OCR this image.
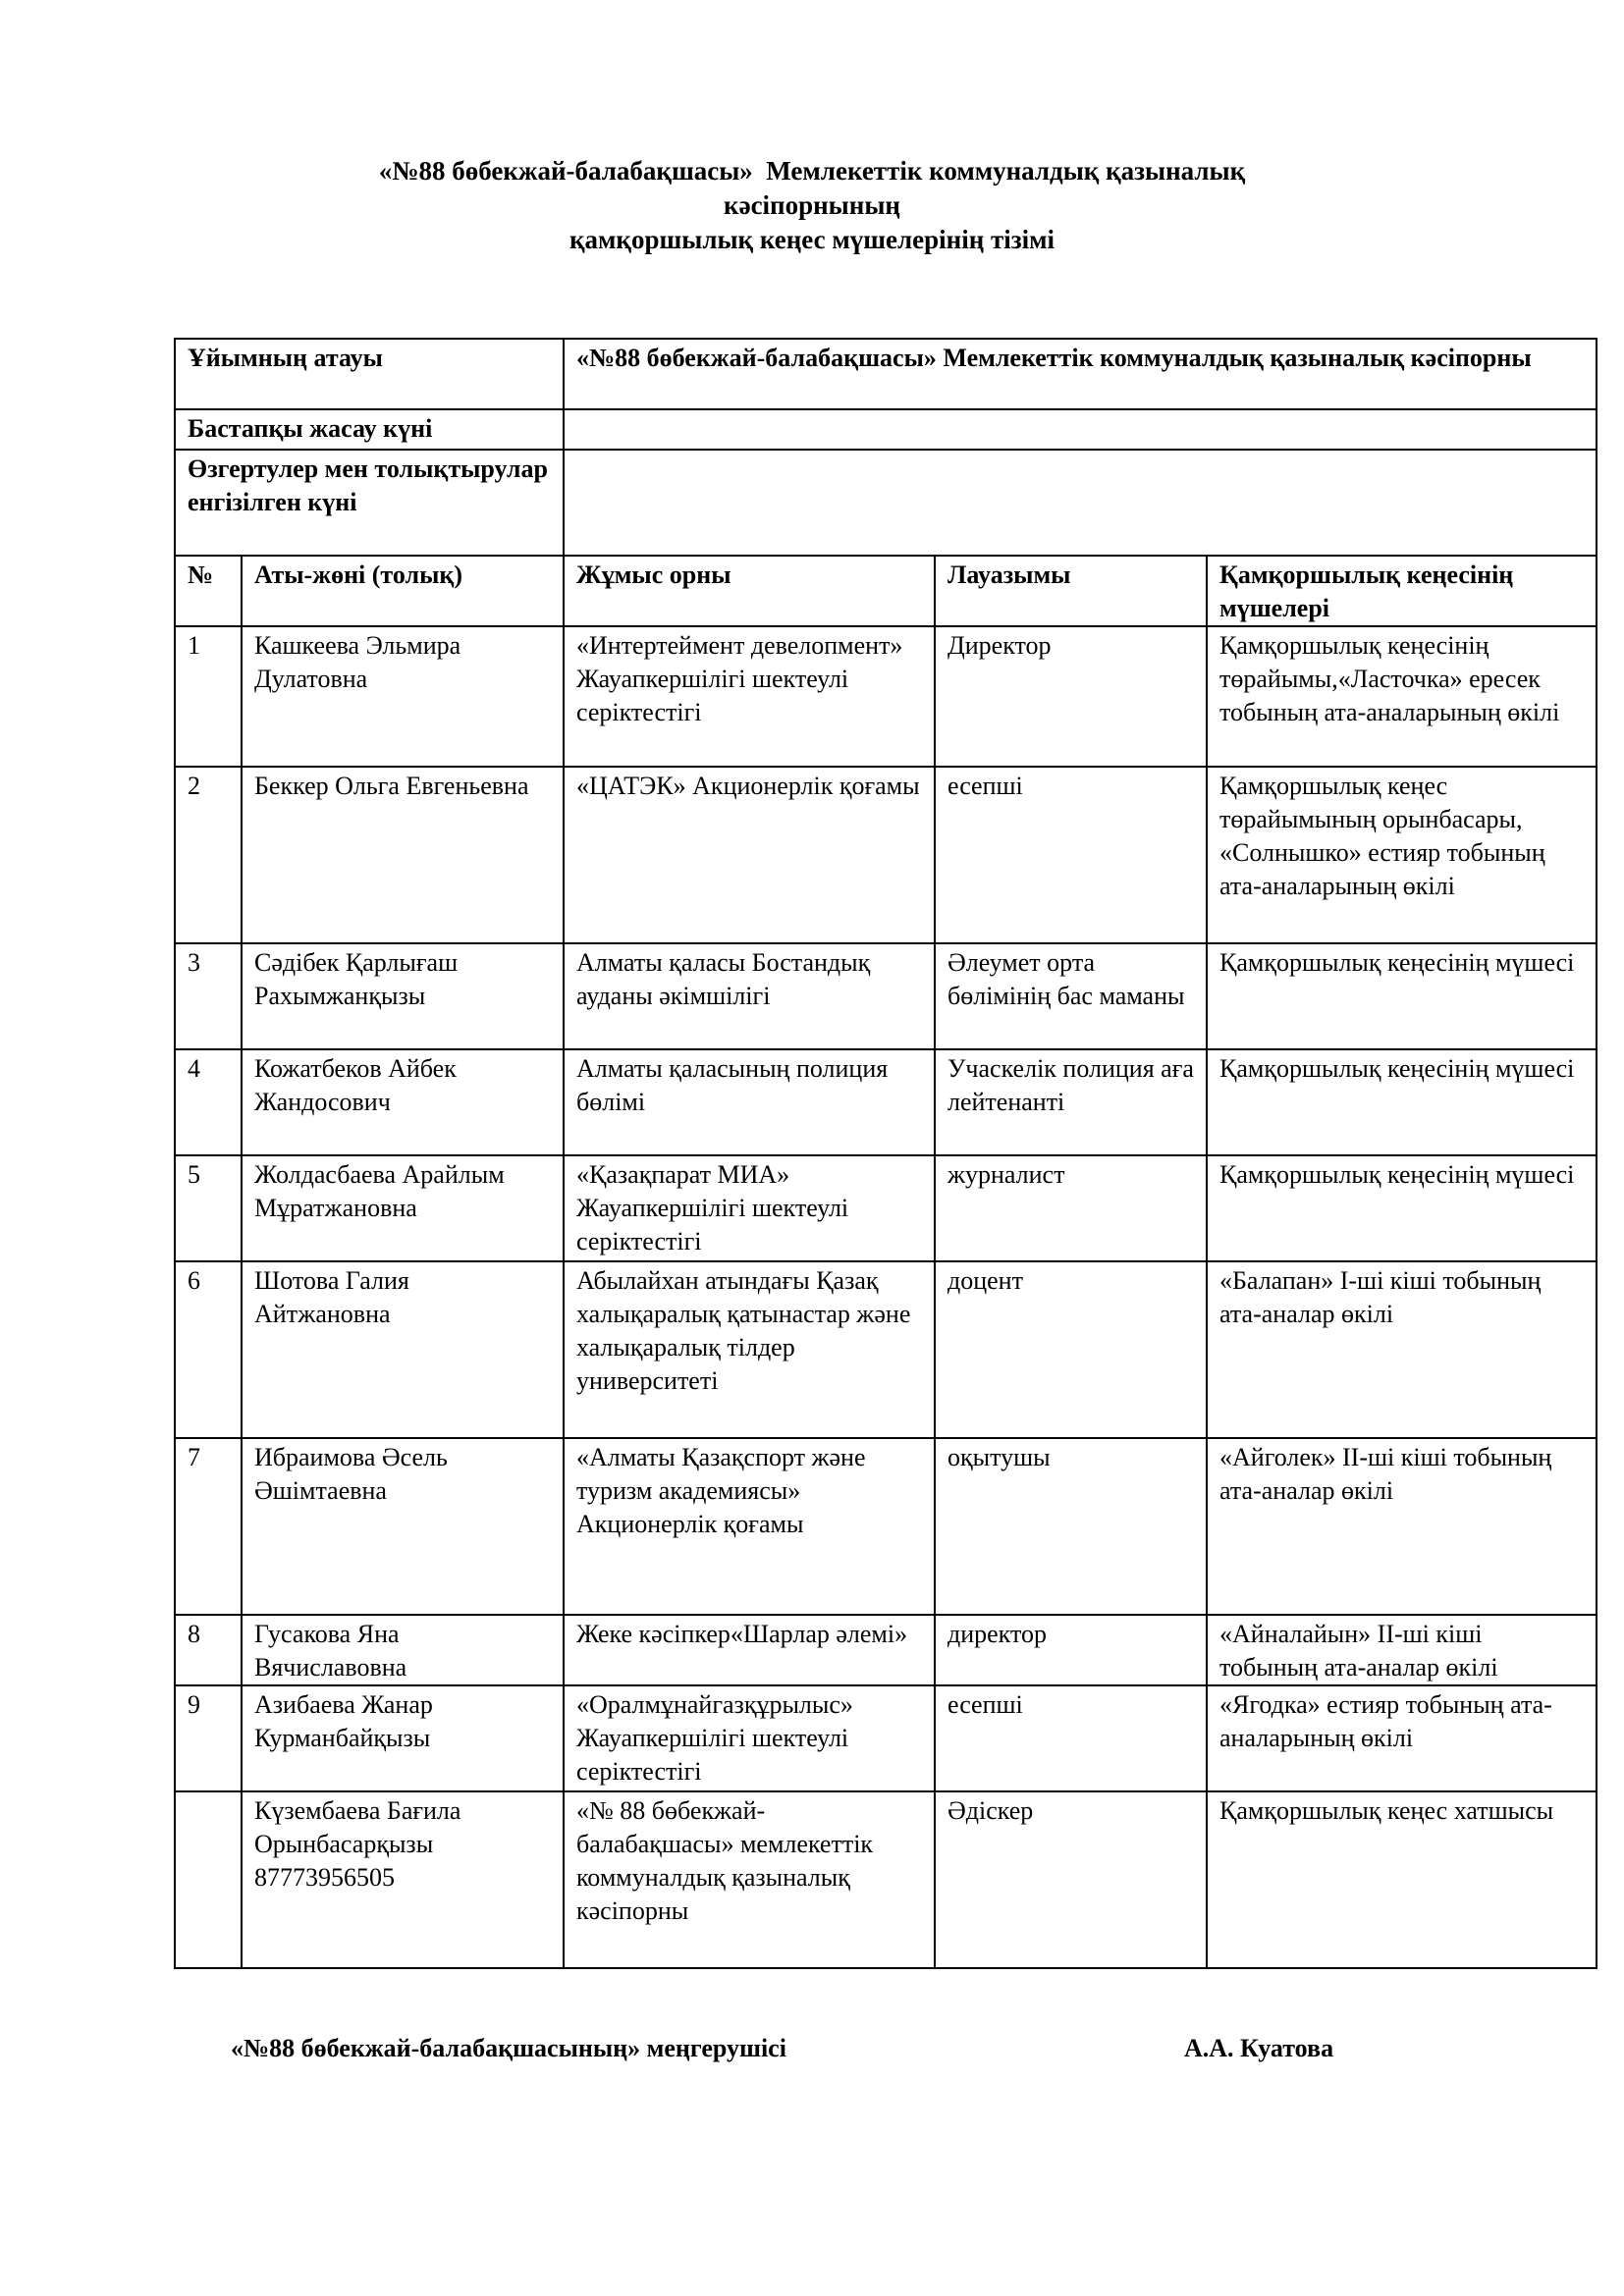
«№88 бөбекжай-балабақшасы»  Мемлекеттік коммуналдық қазыналық
кәсіпорнының
қамқоршылық кеңес мүшелерінің тізімі
Ұйымның атауы		«№88 бөбекжай-балабақшасы» Мемлекеттік коммуналдық қазыналық кәсіпорны		
Бастапқы жасау күні				
Өзгертулер мен толықтырулар енгізілген күні				
№	Аты-жөні (толық)	Жұмыс орны	Лауазымы	Қамқоршылық кеңесінің мүшелері
1	Кашкеева Эльмира Дулатовна	«Интертеймент девелопмент» Жауапкершілігі шектеулі серіктестігі	Директор	Қамқоршылық кеңесінің төрайымы,«Ласточка» ересек тобының ата-аналарының өкілі
2	Беккер Ольга Евгеньевна	«ЦАТЭК» Акционерлік қоғамы	есепші	Қамқоршылық кеңес төрайымының орынбасары, «Солнышко» естияр тобының ата-аналарының өкілі
3	Сәдібек Қарлығаш Рахымжанқызы	Алматы қаласы Бостандық ауданы әкімшілігі	Әлеумет орта бөлімінің бас маманы	Қамқоршылық кеңесінің мүшесі
4	Кожатбеков Айбек Жандосович	Алматы қаласының полиция бөлімі	Учаскелік полиция аға лейтенанті	Қамқоршылық кеңесінің мүшесі
5	Жолдасбаева Арайлым Мұратжановна	«Қазақпарат МИА» Жауапкершілігі шектеулі серіктестігі	журналист	Қамқоршылық кеңесінің мүшесі
6	Шотова Галия Айтжановна	Абылайхан атындағы Қазақ халықаралық қатынастар және халықаралық тілдер университеті	доцент	«Балапан» I-ші кіші тобының ата-аналар өкілі
7	Ибраимова Әсель Әшімтаевна	«Алматы Қазақспорт және туризм академиясы» Акционерлік қоғамы	оқытушы	«Айголек» II-ші кіші тобының ата-аналар өкілі
8	Гусакова Яна Вячиславовна	Жеке кәсіпкер«Шарлар әлемі»	директор	«Айналайын» II-ші кіші тобының ата-аналар өкілі
9	Азибаева Жанар Курманбайқызы	«Оралмұнайгазқұрылыс» Жауапкершілігі шектеулі серіктестігі	есепші	«Ягодка» естияр тобының ата-аналарының өкілі
	Күзембаева Бағила Орынбасарқызы 87773956505	«№ 88 бөбекжай-балабақшасы» мемлекеттік коммуналдық қазыналық кәсіпорны	Әдіскер	Қамқоршылық кеңес хатшысы
«№88 бөбекжай-балабақшасының» меңгерушісі	А.А. Куатова
